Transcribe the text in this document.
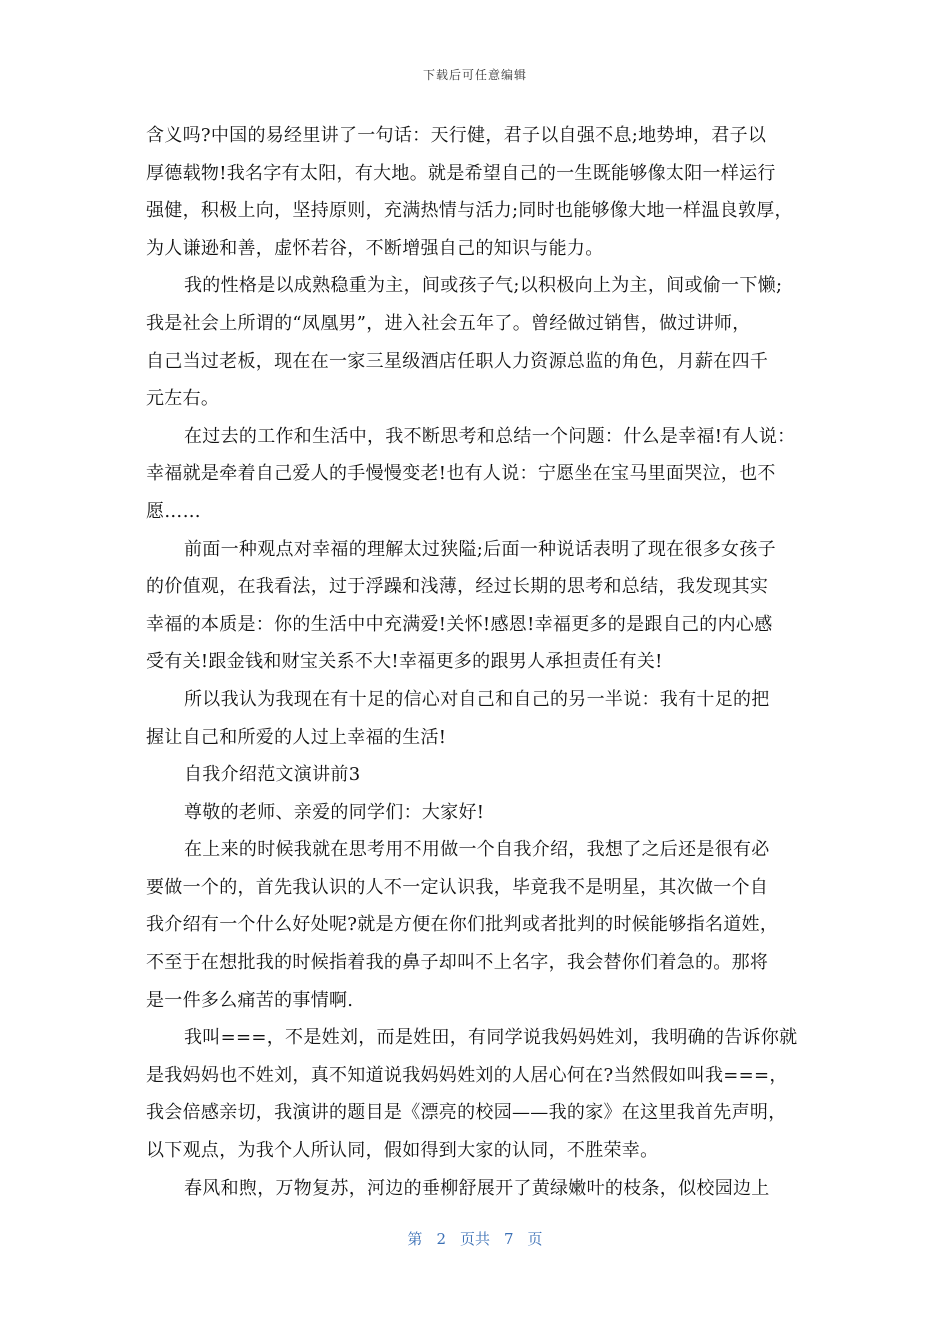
下载后可任意编辑
含义吗?中国的易经里讲了一句话：天行健，君子以自强不息;地势坤，君子以
厚德载物!我名字有太阳，有大地。就是希望自己的一生既能够像太阳一样运行
强健，积极上向，坚持原则，充满热情与活力;同时也能够像大地一样温良敦厚，
为人谦逊和善，虚怀若谷，不断增强自己的知识与能力。
我的性格是以成熟稳重为主，间或孩子气;以积极向上为主，间或偷一下懒;
我是社会上所谓的“凤凰男”，进入社会五年了。曾经做过销售，做过讲师，
自己当过老板，现在在一家三星级酒店任职人力资源总监的角色，月薪在四千
元左右。
在过去的工作和生活中，我不断思考和总结一个问题：什么是幸福!有人说：
幸福就是牵着自己爱人的手慢慢变老!也有人说：宁愿坐在宝马里面哭泣，也不
愿……
前面一种观点对幸福的理解太过狭隘;后面一种说话表明了现在很多女孩子
的价值观，在我看法，过于浮躁和浅薄，经过长期的思考和总结，我发现其实
幸福的本质是：你的生活中中充满爱!关怀!感恩!幸福更多的是跟自己的内心感
受有关!跟金钱和财宝关系不大!幸福更多的跟男人承担责任有关!
所以我认为我现在有十足的信心对自己和自己的另一半说：我有十足的把
握让自己和所爱的人过上幸福的生活!
自我介绍范文演讲前3
尊敬的老师、亲爱的同学们：大家好!
在上来的时候我就在思考用不用做一个自我介绍，我想了之后还是很有必
要做一个的，首先我认识的人不一定认识我，毕竟我不是明星，其次做一个自
我介绍有一个什么好处呢?就是方便在你们批判或者批判的时候能够指名道姓，
不至于在想批我的时候指着我的鼻子却叫不上名字，我会替你们着急的。那将
是一件多么痛苦的事情啊.
我叫===，不是姓刘，而是姓田，有同学说我妈妈姓刘，我明确的告诉你就
是我妈妈也不姓刘，真不知道说我妈妈姓刘的人居心何在?当然假如叫我===，
我会倍感亲切，我演讲的题目是《漂亮的校园——我的家》在这里我首先声明，
以下观点，为我个人所认同，假如得到大家的认同，不胜荣幸。
春风和煦，万物复苏，河边的垂柳舒展开了黄绿嫩叶的枝条，似校园边上
第 2 页共 7 页
